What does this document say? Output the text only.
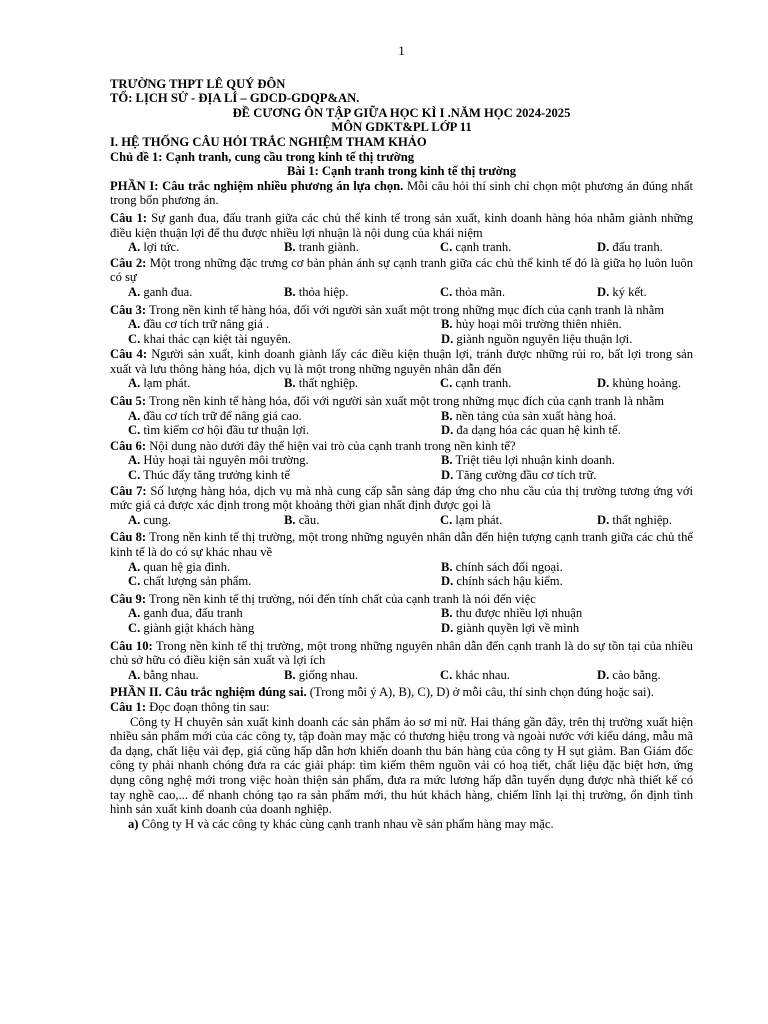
1
TRƯỜNG THPT LÊ QUÝ ĐÔN
TỔ: LỊCH SỬ - ĐỊA LÍ – GDCD-GDQP&AN.
ĐỀ CƯƠNG ÔN TẬP GIỮA HỌC KÌ I .NĂM HỌC 2024-2025
MÔN GDKT&PL LỚP 11
I. HỆ THỐNG CÂU HỎI TRẮC NGHIỆM THAM KHẢO
Chủ đề 1: Cạnh tranh, cung cầu trong kinh tế thị trường
Bài 1: Cạnh tranh trong kinh tế thị trường
PHẦN I: Câu trắc nghiệm nhiều phương án lựa chọn. Mỗi câu hỏi thí sinh chỉ chọn một phương án đúng nhất trong bốn phương án.
Câu 1: Sự ganh đua, đấu tranh giữa các chủ thể kinh tế trong sản xuất, kinh doanh hàng hóa nhằm giành những điều kiện thuận lợi để thu được nhiều lợi nhuận là nội dung của khái niệm
A. lợi tức.	B. tranh giành.	C. cạnh tranh.	D. đấu tranh.
Câu 2: Một trong những đặc trưng cơ bản phản ánh sự cạnh tranh giữa các chủ thể kinh tế đó là giữa họ luôn luôn có sự
A. ganh đua.	B. thỏa hiệp.	C. thỏa mãn.	D. ký kết.
Câu 3: Trong nền kinh tế hàng hóa, đối với người sản xuất một trong những mục đích của cạnh tranh là nhằm
A. đầu cơ tích trữ nâng giá .	B. hủy hoại môi trường thiên nhiên.
C. khai thác cạn kiệt tài nguyên.	D. giành nguồn nguyên liệu thuận lợi.
Câu 4: Người sản xuất, kinh doanh giành lấy các điều kiện thuận lợi, tránh được những rủi ro, bất lợi trong sản xuất và lưu thông hàng hóa, dịch vụ là một trong những nguyên nhân dẫn đến
A. lạm phát.	B. thất nghiệp.	C. cạnh tranh.	D. khủng hoảng.
Câu 5: Trong nền kinh tế hàng hóa, đối với người sản xuất một trong những mục đích của cạnh tranh là nhằm
A. đầu cơ tích trữ để nâng giá cao.	B. nền tảng của sản xuất hàng hoá.
C. tìm kiếm cơ hội đầu tư thuận lợi.	D. đa dạng hóa các quan hệ kinh tế.
Câu 6: Nội dung nào dưới đây thể hiện vai trò của cạnh tranh trong nền kinh tế?
A. Hủy hoại tài nguyên môi trường.	B. Triệt tiêu lợi nhuận kinh doanh.
C. Thúc đẩy tăng trưởng kinh tế	D. Tăng cường đầu cơ tích trữ.
Câu 7: Số lượng hàng hóa, dịch vụ mà nhà cung cấp sẵn sàng đáp ứng cho nhu cầu của thị trường tương ứng với mức giá cả được xác định trong một khoảng thời gian nhất định được gọi là
A. cung.	B. cầu.	C. lạm phát.	D. thất nghiệp.
Câu 8: Trong nền kinh tế thị trường, một trong những nguyên nhân dẫn đến hiện tượng cạnh tranh giữa các chủ thể kinh tế là do có sự khác nhau về
A. quan hệ gia đình.	B. chính sách đối ngoại.
C. chất lượng sản phẩm.	D. chính sách hậu kiểm.
Câu 9: Trong nền kinh tế thị trường, nói đến tính chất của cạnh tranh là nói đến việc
A. ganh đua, đấu tranh	B. thu được nhiều lợi nhuận
C. giành giật khách hàng	D. giành quyền lợi về mình
Câu 10: Trong nền kinh tế thị trường, một trong những nguyên nhân dẫn đến cạnh tranh là do sự tồn tại của nhiều chủ sở hữu có điều kiện sản xuất và lợi ích
A. bằng nhau.	B. giống nhau.	C. khác nhau.	D. cào bằng.
PHẦN II. Câu trắc nghiệm đúng sai. (Trong mỗi ý A), B), C), D) ở mỗi câu, thí sinh chọn đúng hoặc sai).
Câu 1: Đọc đoạn thông tin sau:
Công ty H chuyên sản xuất kinh doanh các sản phẩm áo sơ mi nữ. Hai tháng gần đây, trên thị trường xuất hiện nhiều sản phẩm mới của các công ty, tập đoàn may mặc có thương hiệu trong và ngoài nước với kiểu dáng, mẫu mã đa dạng, chất liệu vải đẹp, giá cũng hấp dẫn hơn khiến doanh thu bán hàng của công ty H sụt giảm. Ban Giám đốc công ty phải nhanh chóng đưa ra các giải pháp: tìm kiếm thêm nguồn vải có hoạ tiết, chất liệu đặc biệt hơn, ứng dụng công nghệ mới trong việc hoàn thiện sản phẩm, đưa ra mức lương hấp dẫn tuyển dụng được nhà thiết kế có tay nghề cao,... để nhanh chóng tạo ra sản phẩm mới, thu hút khách hàng, chiếm lĩnh lại thị trường, ổn định tình hình sản xuất kinh doanh của doanh nghiệp.
a) Công ty H và các công ty khác cùng cạnh tranh nhau về sản phẩm hàng may mặc.
